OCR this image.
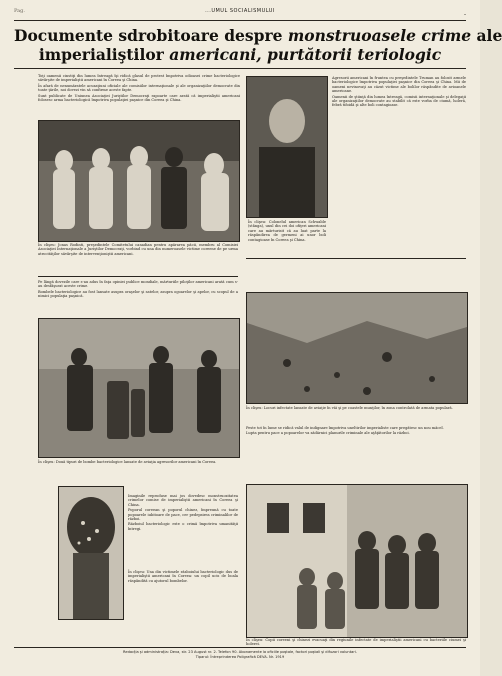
Pag.	...UMUL SOCIALISMULUI	-
Documente sdrobitoare despre monstruoasele crime ale
imperialiştilor americani, purtătorii teriologic

Toţi oamenii cinstiţi din lumea întreagă îşi ridică glasul de protest împotriva odioasei crime bacteriologice săvârşite de imperialiştii americani în Coreea şi China.

În afară de nenumăratele acuzaţiuni oficiale ale comisiilor internaţionale şi ale organizaţiilor democrate din toate ţările, noi dovezi vin să confirme aceste fapte.

Sunt publicate de Uniunea Asociaţiei Juriştilor Democraţi rapoarte care arată că imperialiştii americani folosesc arma bacteriologică împotriva populaţiei paşnice din Coreea şi China.

În clişeu: Jonas Rodinti, preşedintele Comitetului canadian pentru apărarea păcii, membru al Comisiei Asociaţiei Internaţionale a Juriştilor Democraţi, vorbind cu una din numeroasele victime coreene de pe urma atrocităţilor săvârşite de intervenţioniştii americani.

Pe lângă dovezile care s-au adus în faţa opiniei publice mondiale, mărturiile piloţilor americani arată cum s-au desfăşurat aceste crime.

Bombele bacteriologice au fost lansate asupra oraşelor şi satelor, asupra ogoarelor şi apelor, cu scopul de a nimici populaţia paşnică.

În clişeu: Două tipuri de bombe bacteriologice lansate de aviaţia agresorilor americani în Coreea.

Imaginile reproduse mai jos dovedesc monstruozitatea crimelor comise de imperialiştii americani în Coreea şi China.

Poporul coreean şi poporul chinez, împreună cu toate popoarele iubitoare de pace, cer pedepsirea criminalilor de război.

Războiul bacteriologic este o crimă împotriva umanităţii întregi.

În clişeu: Una din victimele războiului bacteriologic dus de imperialiştii americani în Coreea: un copil ucis de boala răspândită cu ajutorul bombelor.
În clişeu: Colonelul american Schwable (stânga), unul din cei doi ofiţeri americani care au mărturisit că au luat parte la răspândirea de germeni ai unor boli contagioase în Coreea şi China.

Agresorii americani în fruntea cu preşedintele Truman au folosit armele bacteriologice împotriva populaţiei paşnice din Coreea şi China. Mii de oameni nevinovaţi au căzut victime ale bolilor răspândite de avioanele americane.

Oamenii de ştiinţă din lumea întreagă, comisii internaţionale şi delegaţii ale organizaţiilor democrate au stabilit că este vorba de ciumă, holeră, febră tifoidă şi alte boli contagioase.

În clişeu: Locuri infectate lansate de aviaţie în văi şi pe coastele munţilor, în zona controlată de armata populară.

Peste tot în lume se ridică valul de indignare împotriva uneltirilor imperialiste care pregătesc un nou măcel.

Lupta pentru pace a popoarelor va zădărnici planurile criminale ale aţâţătorilor la război.

În clişeu: Copii coreeni şi chinezi evacuaţi din regiunile infectate de imperialiştii americani cu bacteriile ciumei şi holerei.
Redacţia şi administraţia: Deva, str. 23 August nr. 2. Telefon 90. Abonamente la oficiile poştale, factori poştali şi difuzori voluntari.
Tiparul: Întreprinderea Poligrafică DEVA. Nr. 1919
